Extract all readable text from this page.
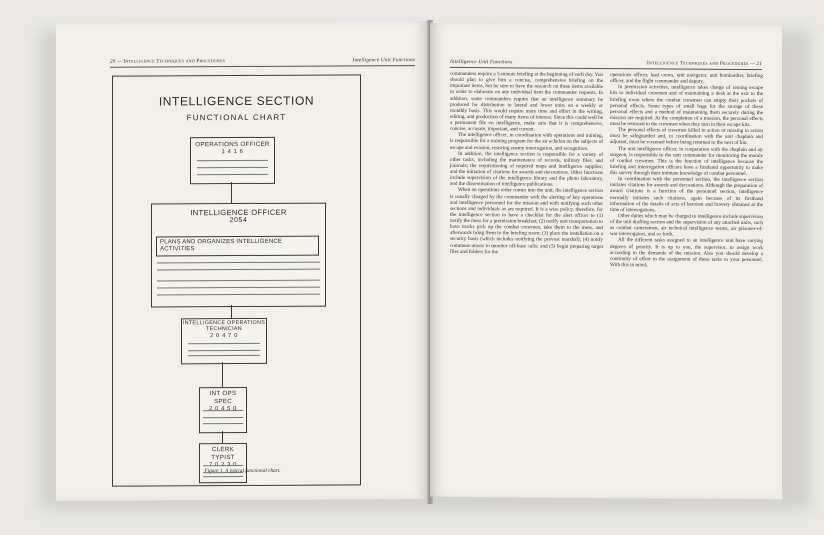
20 — Intelligence Techniques and Procedures	Intelligence Unit Functions
INTELLIGENCE SECTION
FUNCTIONAL CHART
OPERATIONS OFFICER
1 4 1 6
INTELLIGENCE OFFICER
2054
PLANS AND ORGANIZES INTELLIGENCE ACTIVITIES
INTELLIGENCE OPERATIONS TECHNICIAN
2 0 4 7 0
INT OPS SPEC
2 0 4 5 0
CLERK TYPIST
7 0 2 3 0
Figure 1. A typical functional chart.
Intelligence Unit Functions	Intelligence Techniques and Procedures — 21

commanders require a 5-minute briefing at the beginning of each day. You should plan to give him a concise, comprehensive briefing on the important items, but be sure to have the research on these items available in order to elaborate on any individual item the commander requests. In addition, some commanders require that an intelligence summary be produced for distribution to lateral and lower units on a weekly or monthly basis. This would require more time and effort in the writing, editing, and production of many items of interest. Since this could well be a permanent file on intelligence, make sure that it is comprehensive, concise, accurate, important, and current.

The intelligence officer, in coordination with operations and training, is responsible for a training program for the air echelon on the subjects of escape and evasion, resisting enemy interrogation, and recognition.

In addition, the intelligence section is responsible for a variety of other tasks, including the maintenance of records, military files, and journals; the requisitioning of required maps and intelligence supplies; and the initiation of citations for awards and decorations. Other functions include supervision of the intelligence library and the photo laboratory, and the dissemination of intelligence publications.

When an operations order comes into the unit, the intelligence section is usually charged by the commander with the alerting of key operations and intelligence personnel for the mission and with notifying such other sections and individuals as are required. It is a wise policy, therefore, for the intelligence section to have a checklist for the alert officer to (1) notify the mess for a premission breakfast; (2) notify unit transportation to have trucks pick up the combat crewmen, take them to the mess, and afterwards bring them to the briefing room; (3) place the installation on a security basis (which includes notifying the provost marshal); (4) notify communications to monitor off-base calls; and (5) begin preparing target files and folders for the

operations officer, lead crews, unit navigator, unit bombardier, briefing officer, and the flight commander and deputy.

In premission activities, intelligence takes charge of issuing escape kits to individual crewmen and of maintaining a desk at the exit to the briefing room where the combat crewmen can empty their pockets of personal effects. Some types of small bags for the storage of these personal effects and a method of maintaining them securely during the mission are required. At the completion of a mission, the personal effects must be returned to the crewmen when they turn in their escape kits.

The personal effects of crewmen killed in action or missing in action must be safeguarded and, in coordination with the unit chaplain and adjutant, must be screened before being returned to the next of kin.

The unit intelligence officer, in cooperation with the chaplain and air surgeon, is responsible to the unit commander for monitoring the morale of combat crewmen. This is the function of intelligence because the briefing and interrogation officers have a firsthand opportunity to make this survey through their intimate knowledge of combat personnel.

In coordination with the personnel section, the intelligence section initiates citations for awards and decorations. Although the preparation of award citations is a function of the personnel section, intelligence normally initiates such citations, again because of its firsthand information of the details of acts of heroism and bravery obtained at the time of interrogations.

Other duties which may be charged to intelligence include supervision of the unit drafting section and the supervision of any attached units, such as combat cameramen, air technical intelligence teams, air prisoner-of-war interrogators, and so forth.

All the different tasks assigned to an intelligence unit have varying degrees of priority. It is up to you, the supervisor, to assign work according to the demands of the mission. Also you should develop a continuity of effort in the assignment of these tasks to your personnel. With this in mind,
